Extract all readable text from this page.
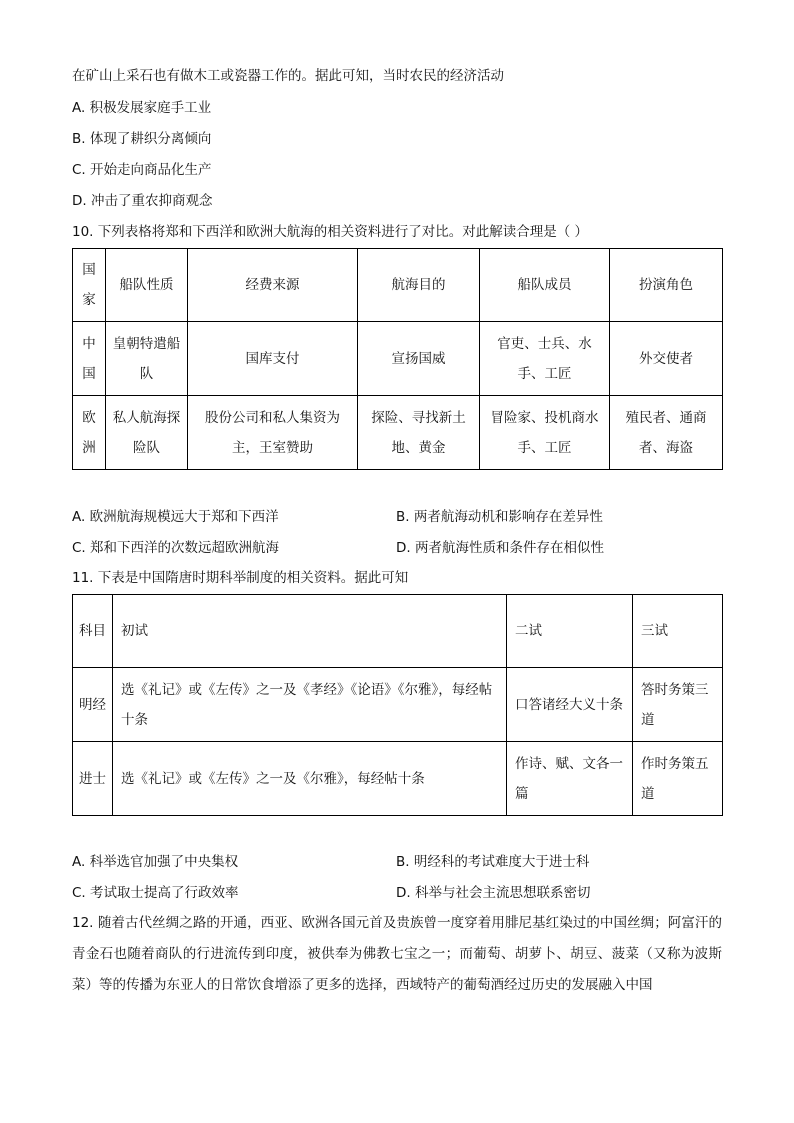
在矿山上采石也有做木工或瓷器工作的。据此可知，当时农民的经济活动
A. 积极发展家庭手工业
B. 体现了耕织分离倾向
C. 开始走向商品化生产
D. 冲击了重农抑商观念
10. 下列表格将郑和下西洋和欧洲大航海的相关资料进行了对比。对此解读合理是（ ）
国家	船队性质	经费来源	航海目的	船队成员	扮演角色
中国	皇朝特遣船队	国库支付	宣扬国威	官吏、士兵、水手、工匠	外交使者
欧洲	私人航海探险队	股份公司和私人集资为主，王室赞助	探险、寻找新土地、黄金	冒险家、投机商水手、工匠	殖民者、通商者、海盗
A. 欧洲航海规模远大于郑和下西洋	B. 两者航海动机和影响存在差异性
C. 郑和下西洋的次数远超欧洲航海	D. 两者航海性质和条件存在相似性
11. 下表是中国隋唐时期科举制度的相关资料。据此可知
科目	初试	二试	三试
明经	选《礼记》或《左传》之一及《孝经》《论语》《尔雅》，每经帖十条	口答诸经大义十条	答时务策三道
进士	选《礼记》或《左传》之一及《尔雅》，每经帖十条	作诗、赋、文各一篇	作时务策五道
A. 科举选官加强了中央集权	B. 明经科的考试难度大于进士科
C. 考试取士提高了行政效率	D. 科举与社会主流思想联系密切
12. 随着古代丝绸之路的开通，西亚、欧洲各国元首及贵族曾一度穿着用腓尼基红染过的中国丝绸；阿富汗的青金石也随着商队的行进流传到印度，被供奉为佛教七宝之一；而葡萄、胡萝卜、胡豆、菠菜（又称为波斯菜）等的传播为东亚人的日常饮食增添了更多的选择，西域特产的葡萄酒经过历史的发展融入中国
